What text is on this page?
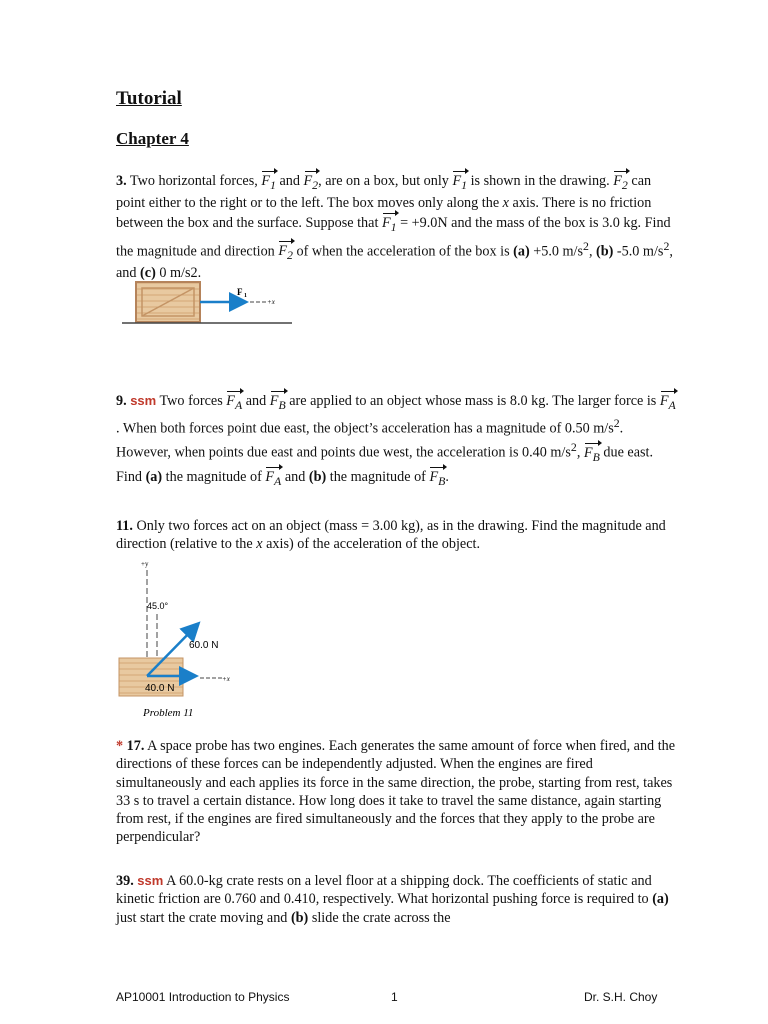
Tutorial
Chapter 4

3. Two horizontal forces, $F_1$ and $F_2$, are on a box, but only $F_1$ is shown in the drawing. $F_2$ can point either to the right or to the left. The box moves only along the x axis. There is no friction between the box and the surface. Suppose that $F_1 = +9.0N$ and the mass of the box is 3.0 kg. Find the magnitude and direction $F_2$ of when the acceleration of the box is (a) +5.0 $m/s^2$, (b) -5.0 $m/s^2$, and (c) 0 m/s2.

F 1
+x

9. ssm Two forces $F_A$ and $F_B$ are applied to an object whose mass is 8.0 kg. The larger force is $F_A$. When both forces point due east, the object’s acceleration has a magnitude of 0.50 $m/s^2$. However, when points due east and points due west, the acceleration is 0.40 $m/s^2$, $F_B$ due east. Find (a) the magnitude of $F_A$ and (b) the magnitude of $F_B$.

11. Only two forces act on an object (mass = 3.00 kg), as in the drawing. Find the magnitude and direction (relative to the x axis) of the acceleration of the object.

+y
45.0°
60.0 N
+x
40.0 N
Problem 11

* 17. A space probe has two engines. Each generates the same amount of force when fired, and the directions of these forces can be independently adjusted. When the engines are fired simultaneously and each applies its force in the same direction, the probe, starting from rest, takes 33 s to travel a certain distance. How long does it take to travel the same distance, again starting from rest, if the engines are fired simultaneously and the forces that they apply to the probe are perpendicular?

39. ssm A 60.0-kg crate rests on a level floor at a shipping dock. The coefficients of static and kinetic friction are 0.760 and 0.410, respectively. What horizontal pushing force is required to (a) just start the crate moving and (b) slide the crate across the

AP10001 Introduction to Physics	1	Dr. S.H. Choy
